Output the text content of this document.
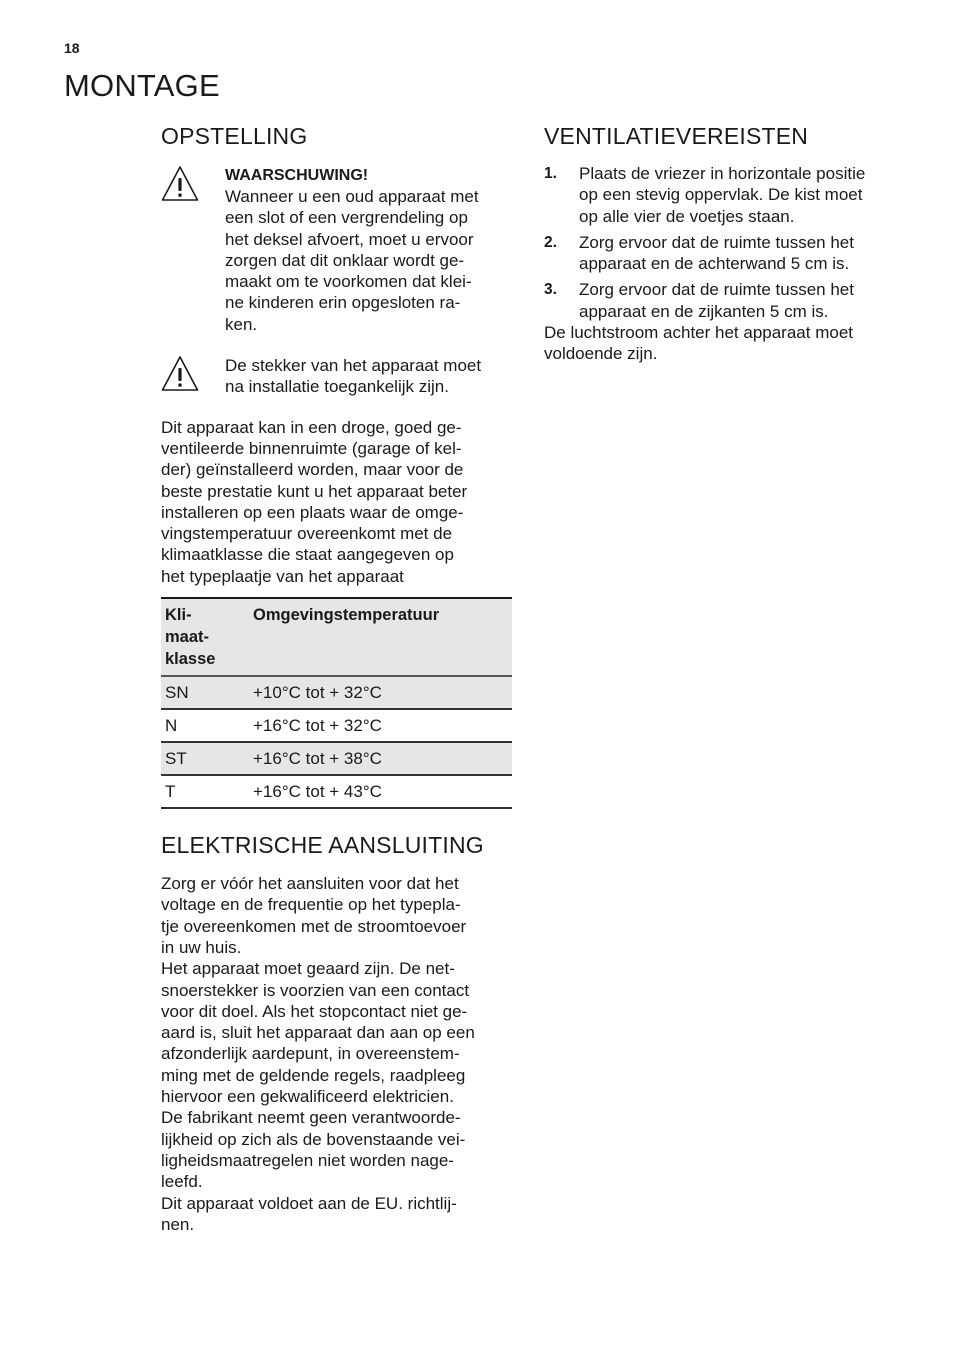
18
MONTAGE
OPSTELLING
WAARSCHUWING!
Wanneer u een oud apparaat met
een slot of een vergrendeling op
het deksel afvoert, moet u ervoor
zorgen dat dit onklaar wordt ge-
maakt om te voorkomen dat klei-
ne kinderen erin opgesloten ra-
ken.
De stekker van het apparaat moet
na installatie toegankelijk zijn.
Dit apparaat kan in een droge, goed ge-
ventileerde binnenruimte (garage of kel-
der) geïnstalleerd worden, maar voor de
beste prestatie kunt u het apparaat beter
installeren op een plaats waar de omge-
vingstemperatuur overeenkomt met de
klimaatklasse die staat aangegeven op
het typeplaatje van het apparaat
Kli-
maat-
klasse	Omgevingstemperatuur
SN	+10°C tot + 32°C
N	+16°C tot + 32°C
ST	+16°C tot + 38°C
T	+16°C tot + 43°C
ELEKTRISCHE AANSLUITING
Zorg er vóór het aansluiten voor dat het
voltage en de frequentie op het typepla-
tje overeenkomen met de stroomtoevoer
in uw huis.
Het apparaat moet geaard zijn. De net-
snoerstekker is voorzien van een contact
voor dit doel. Als het stopcontact niet ge-
aard is, sluit het apparaat dan aan op een
afzonderlijk aardepunt, in overeenstem-
ming met de geldende regels, raadpleeg
hiervoor een gekwalificeerd elektricien.
De fabrikant neemt geen verantwoorde-
lijkheid op zich als de bovenstaande vei-
ligheidsmaatregelen niet worden nage-
leefd.
Dit apparaat voldoet aan de EU. richtlij-
nen.
VENTILATIEVEREISTEN
1.	Plaats de vriezer in horizontale positie
op een stevig oppervlak. De kist moet
op alle vier de voetjes staan.
2.	Zorg ervoor dat de ruimte tussen het
apparaat en de achterwand 5 cm is.
3.	Zorg ervoor dat de ruimte tussen het
apparaat en de zijkanten 5 cm is.
De luchtstroom achter het apparaat moet
voldoende zijn.
